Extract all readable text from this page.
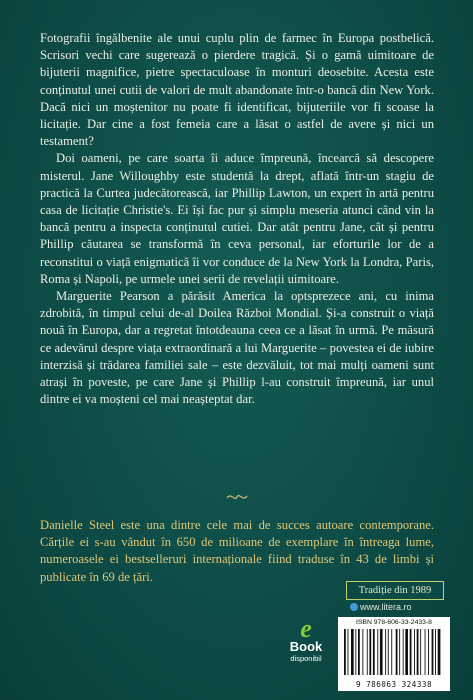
Fotografii îngălbenite ale unui cuplu plin de farmec în Europa postbelică. Scrisori vechi care sugerează o pierdere tragică. Și o gamă uimitoare de bijuterii magnifice, pietre spectaculoase în monturi deosebite. Acesta este conținutul unei cutii de valori de mult abandonate într-o bancă din New York. Dacă nici un moștenitor nu poate fi identificat, bijuteriile vor fi scoase la licitație. Dar cine a fost femeia care a lăsat o astfel de avere și nici un testament?

Doi oameni, pe care soarta îi aduce împreună, încearcă să descopere misterul. Jane Willoughby este studentă la drept, aflată într-un stagiu de practică la Curtea judecătorească, iar Phillip Lawton, un expert în artă pentru casa de licitație Christie's. Ei își fac pur și simplu meseria atunci când vin la bancă pentru a inspecta conținutul cutiei. Dar atât pentru Jane, cât și pentru Phillip căutarea se transformă în ceva personal, iar eforturile lor de a reconstitui o viață enigmatică îi vor conduce de la New York la Londra, Paris, Roma și Napoli, pe urmele unei serii de revelații uimitoare.

Marguerite Pearson a părăsit America la optsprezece ani, cu inima zdrobită, în timpul celui de-al Doilea Război Mondial. Și-a construit o viață nouă în Europa, dar a regretat întotdeauna ceea ce a lăsat în urmă. Pe măsură ce adevărul despre viața extraordinară a lui Marguerite – povestea ei de iubire interzisă și trădarea familiei sale – este dezvăluit, tot mai mulți oameni sunt atrași în poveste, pe care Jane și Phillip l-au construit împreună, iar unul dintre ei va moșteni cel mai neașteptat dar.

Danielle Steel este una dintre cele mai de succes autoare contemporane. Cărțile ei s-au vândut în 650 de milioane de exemplare în întreaga lume, numeroasele ei bestselleruri internaționale fiind traduse în 43 de limbi și publicate în 69 de țări.
Tradiție din 1989
www.litera.ro
e
Book
disponibil
ISBN 978-606-33-2433-8
9 786063 324338
